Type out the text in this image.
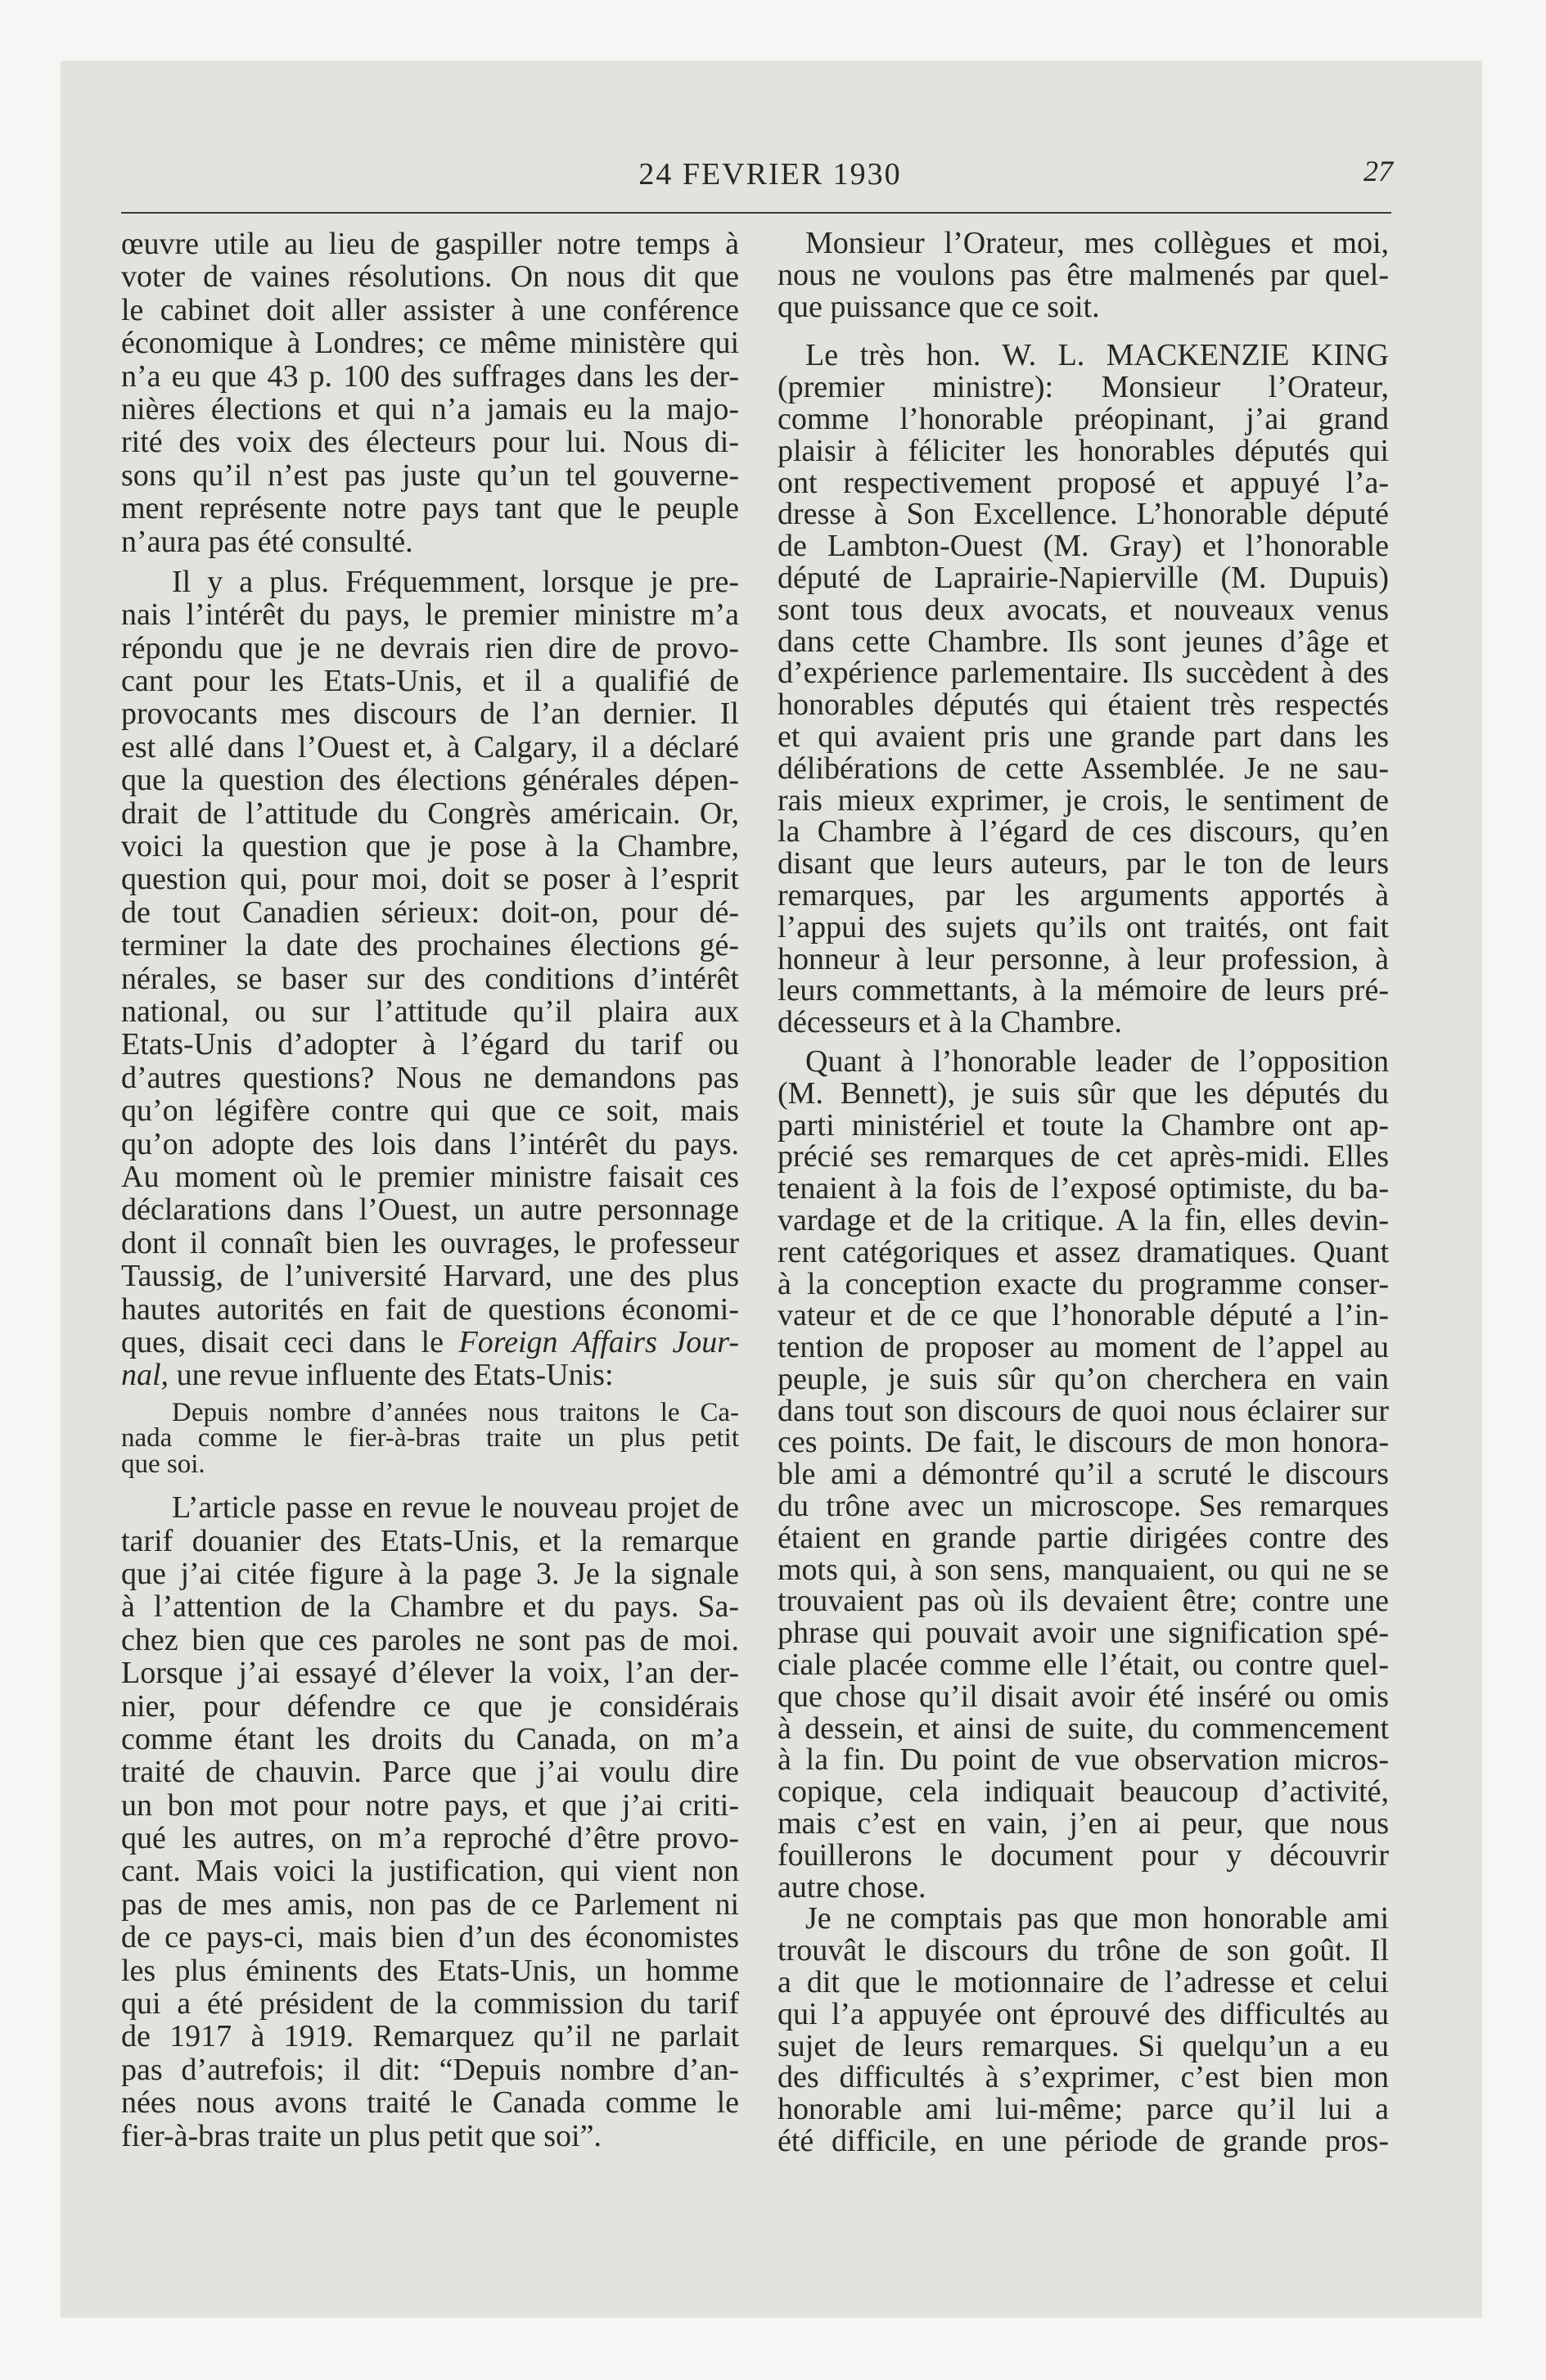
24 FEVRIER 1930	27
œuvre utile au lieu de gaspiller notre temps à
voter de vaines résolutions. On nous dit que
le cabinet doit aller assister à une conférence
économique à Londres; ce même ministère qui
n’a eu que 43 p. 100 des suffrages dans les der-
nières élections et qui n’a jamais eu la majo-
rité des voix des électeurs pour lui. Nous di-
sons qu’il n’est pas juste qu’un tel gouverne-
ment représente notre pays tant que le peuple
n’aura pas été consulté.
Il y a plus. Fréquemment, lorsque je pre-
nais l’intérêt du pays, le premier ministre m’a
répondu que je ne devrais rien dire de provo-
cant pour les Etats-Unis, et il a qualifié de
provocants mes discours de l’an dernier. Il
est allé dans l’Ouest et, à Calgary, il a déclaré
que la question des élections générales dépen-
drait de l’attitude du Congrès américain. Or,
voici la question que je pose à la Chambre,
question qui, pour moi, doit se poser à l’esprit
de tout Canadien sérieux: doit-on, pour dé-
terminer la date des prochaines élections gé-
nérales, se baser sur des conditions d’intérêt
national, ou sur l’attitude qu’il plaira aux
Etats-Unis d’adopter à l’égard du tarif ou
d’autres questions? Nous ne demandons pas
qu’on légifère contre qui que ce soit, mais
qu’on adopte des lois dans l’intérêt du pays.
Au moment où le premier ministre faisait ces
déclarations dans l’Ouest, un autre personnage
dont il connaît bien les ouvrages, le professeur
Taussig, de l’université Harvard, une des plus
hautes autorités en fait de questions économi-
ques, disait ceci dans le Foreign Affairs Jour-
nal, une revue influente des Etats-Unis:
Depuis nombre d’années nous traitons le Ca-
nada comme le fier-à-bras traite un plus petit
que soi.
L’article passe en revue le nouveau projet de
tarif douanier des Etats-Unis, et la remarque
que j’ai citée figure à la page 3. Je la signale
à l’attention de la Chambre et du pays. Sa-
chez bien que ces paroles ne sont pas de moi.
Lorsque j’ai essayé d’élever la voix, l’an der-
nier, pour défendre ce que je considérais
comme étant les droits du Canada, on m’a
traité de chauvin. Parce que j’ai voulu dire
un bon mot pour notre pays, et que j’ai criti-
qué les autres, on m’a reproché d’être provo-
cant. Mais voici la justification, qui vient non
pas de mes amis, non pas de ce Parlement ni
de ce pays-ci, mais bien d’un des économistes
les plus éminents des Etats-Unis, un homme
qui a été président de la commission du tarif
de 1917 à 1919. Remarquez qu’il ne parlait
pas d’autrefois; il dit: “Depuis nombre d’an-
nées nous avons traité le Canada comme le
fier-à-bras traite un plus petit que soi”.
Monsieur l’Orateur, mes collègues et moi,
nous ne voulons pas être malmenés par quel-
que puissance que ce soit.
Le très hon. W. L. MACKENZIE KING
(premier ministre): Monsieur l’Orateur,
comme l’honorable préopinant, j’ai grand
plaisir à féliciter les honorables députés qui
ont respectivement proposé et appuyé l’a-
dresse à Son Excellence. L’honorable député
de Lambton-Ouest (M. Gray) et l’honorable
député de Laprairie-Napierville (M. Dupuis)
sont tous deux avocats, et nouveaux venus
dans cette Chambre. Ils sont jeunes d’âge et
d’expérience parlementaire. Ils succèdent à des
honorables députés qui étaient très respectés
et qui avaient pris une grande part dans les
délibérations de cette Assemblée. Je ne sau-
rais mieux exprimer, je crois, le sentiment de
la Chambre à l’égard de ces discours, qu’en
disant que leurs auteurs, par le ton de leurs
remarques, par les arguments apportés à
l’appui des sujets qu’ils ont traités, ont fait
honneur à leur personne, à leur profession, à
leurs commettants, à la mémoire de leurs pré-
décesseurs et à la Chambre.
Quant à l’honorable leader de l’opposition
(M. Bennett), je suis sûr que les députés du
parti ministériel et toute la Chambre ont ap-
précié ses remarques de cet après-midi. Elles
tenaient à la fois de l’exposé optimiste, du ba-
vardage et de la critique. A la fin, elles devin-
rent catégoriques et assez dramatiques. Quant
à la conception exacte du programme conser-
vateur et de ce que l’honorable député a l’in-
tention de proposer au moment de l’appel au
peuple, je suis sûr qu’on cherchera en vain
dans tout son discours de quoi nous éclairer sur
ces points. De fait, le discours de mon honora-
ble ami a démontré qu’il a scruté le discours
du trône avec un microscope. Ses remarques
étaient en grande partie dirigées contre des
mots qui, à son sens, manquaient, ou qui ne se
trouvaient pas où ils devaient être; contre une
phrase qui pouvait avoir une signification spé-
ciale placée comme elle l’était, ou contre quel-
que chose qu’il disait avoir été inséré ou omis
à dessein, et ainsi de suite, du commencement
à la fin. Du point de vue observation micros-
copique, cela indiquait beaucoup d’activité,
mais c’est en vain, j’en ai peur, que nous
fouillerons le document pour y découvrir
autre chose.
Je ne comptais pas que mon honorable ami
trouvât le discours du trône de son goût. Il
a dit que le motionnaire de l’adresse et celui
qui l’a appuyée ont éprouvé des difficultés au
sujet de leurs remarques. Si quelqu’un a eu
des difficultés à s’exprimer, c’est bien mon
honorable ami lui-même; parce qu’il lui a
été difficile, en une période de grande pros-
